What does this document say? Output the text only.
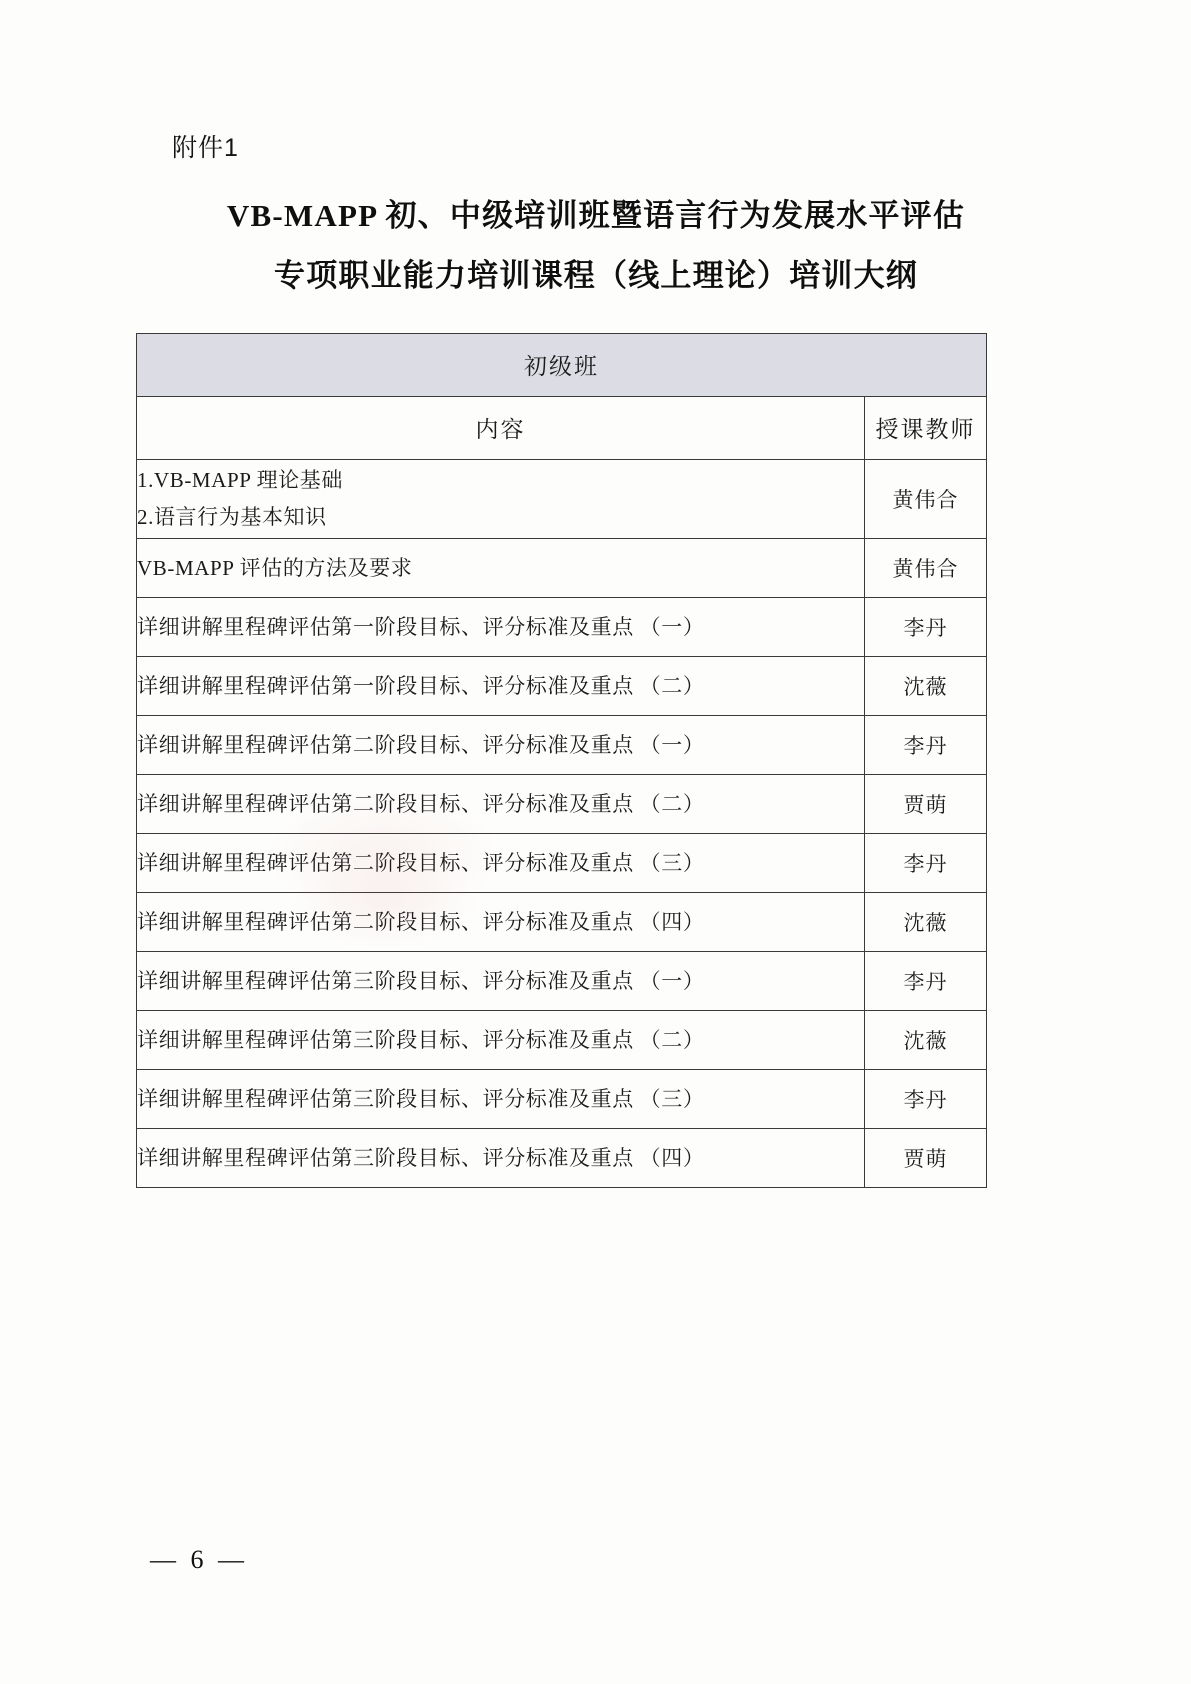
附件1
VB-MAPP 初、中级培训班暨语言行为发展水平评估
专项职业能力培训课程（线上理论）培训大纲
初级班	
内容	授课教师

1.VB-MAPP 理论基础
2.语言行为基本知识	黄伟合

VB-MAPP 评估的方法及要求	黄伟合

详细讲解里程碑评估第一阶段目标、评分标准及重点 （一）	李丹

详细讲解里程碑评估第一阶段目标、评分标准及重点 （二）	沈薇

详细讲解里程碑评估第二阶段目标、评分标准及重点 （一）	李丹

详细讲解里程碑评估第二阶段目标、评分标准及重点 （二）	贾萌

详细讲解里程碑评估第二阶段目标、评分标准及重点 （三）	李丹

详细讲解里程碑评估第二阶段目标、评分标准及重点 （四）	沈薇

详细讲解里程碑评估第三阶段目标、评分标准及重点 （一）	李丹

详细讲解里程碑评估第三阶段目标、评分标准及重点 （二）	沈薇

详细讲解里程碑评估第三阶段目标、评分标准及重点 （三）	李丹

详细讲解里程碑评估第三阶段目标、评分标准及重点 （四）	贾萌
— 6 —
